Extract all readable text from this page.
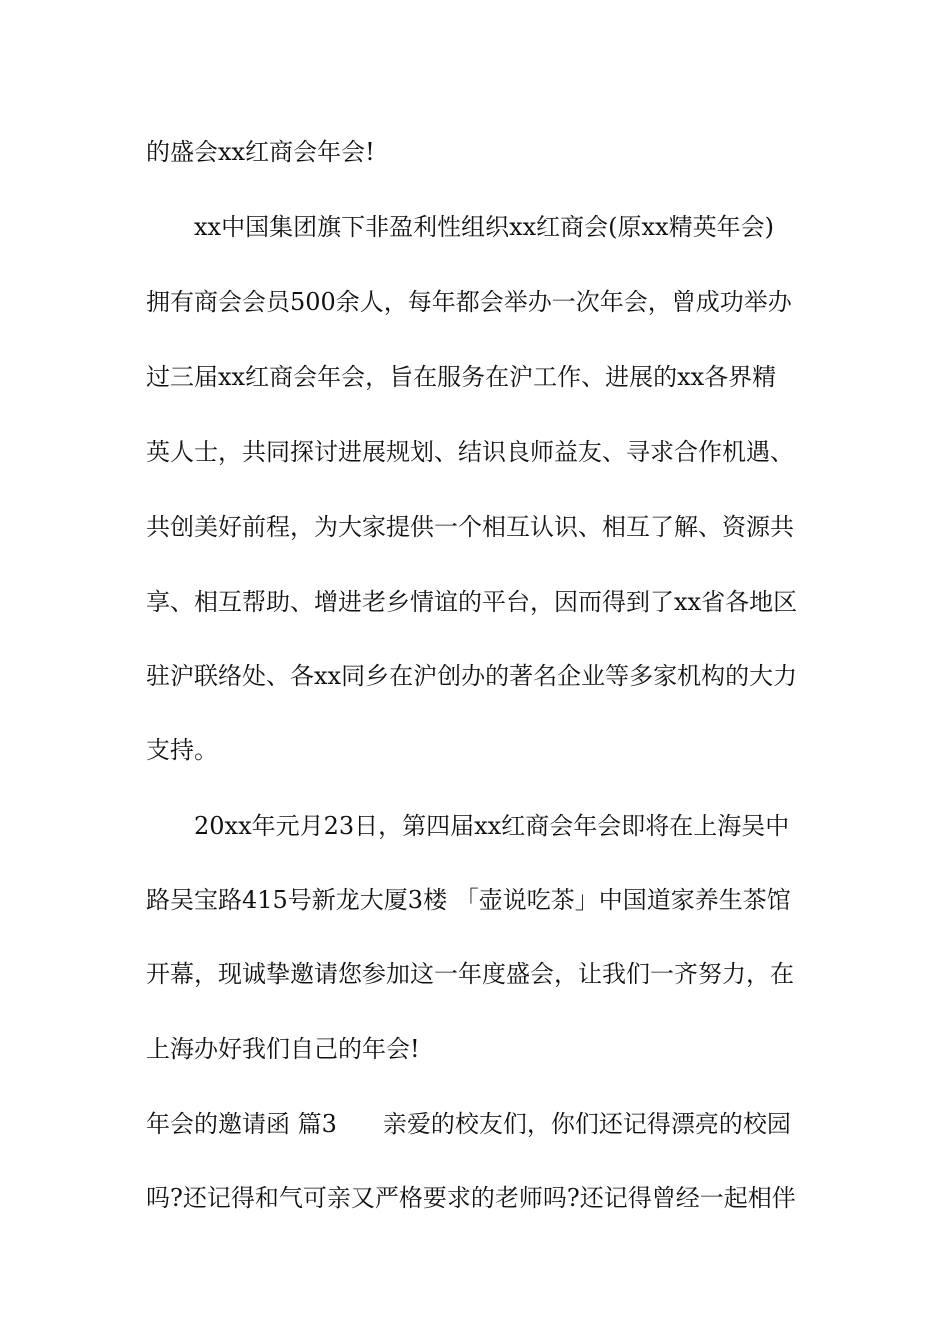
的盛会xx红商会年会!
xx中国集团旗下非盈利性组织xx红商会(原xx精英年会)
拥有商会会员500余人，每年都会举办一次年会，曾成功举办
过三届xx红商会年会，旨在服务在沪工作、进展的xx各界精
英人士，共同探讨进展规划、结识良师益友、寻求合作机遇、
共创美好前程，为大家提供一个相互认识、相互了解、资源共
享、相互帮助、增进老乡情谊的平台，因而得到了xx省各地区
驻沪联络处、各xx同乡在沪创办的著名企业等多家机构的大力
支持。
20xx年元月23日，第四届xx红商会年会即将在上海吴中
路吴宝路415号新龙大厦3楼 「壶说吃茶」中国道家养生茶馆
开幕，现诚挚邀请您参加这一年度盛会，让我们一齐努力，在
上海办好我们自己的年会!
年会的邀请函 篇3 亲爱的校友们，你们还记得漂亮的校园
吗?还记得和气可亲又严格要求的老师吗?还记得曾经一起相伴
